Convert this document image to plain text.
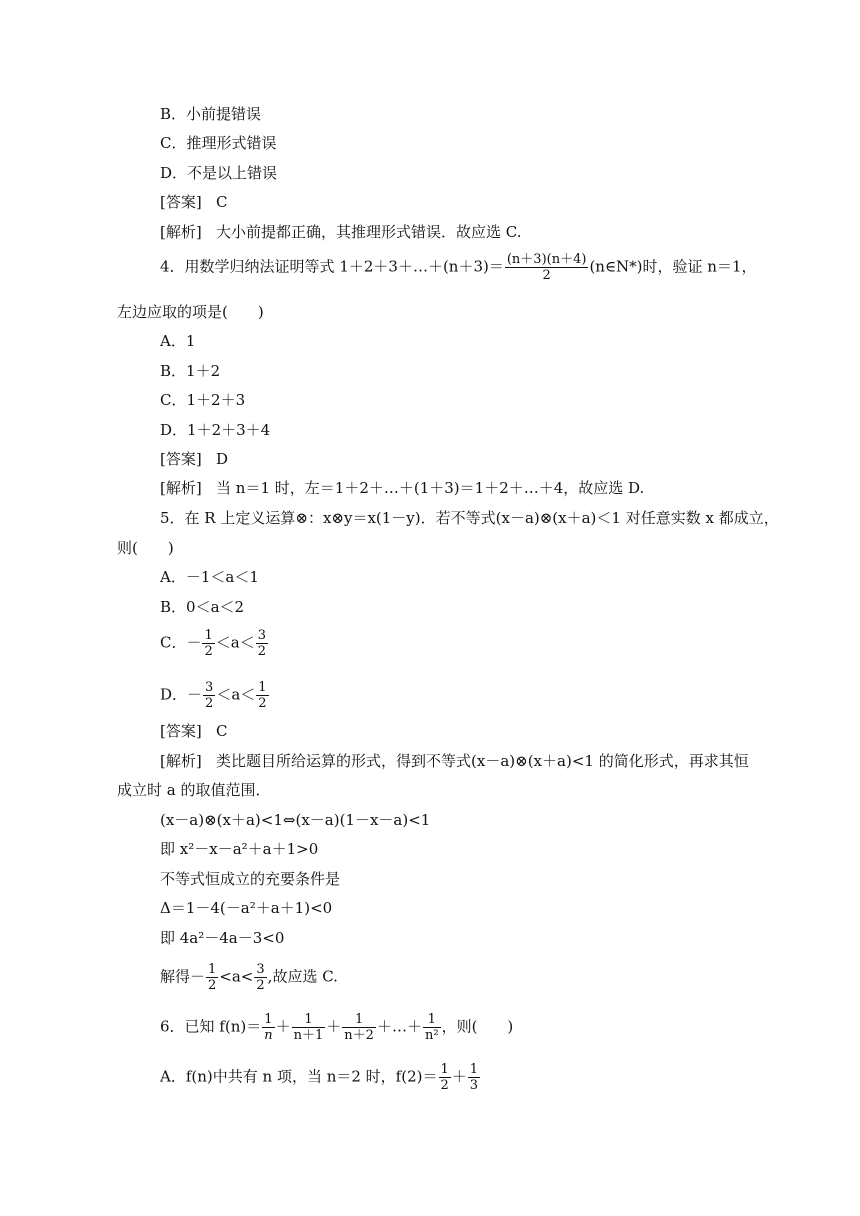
B．小前提错误
C．推理形式错误
D．不是以上错误
[答案] C
[解析] 大小前提都正确，其推理形式错误．故应选 C.
4．用数学归纳法证明等式 1＋2＋3＋…＋(n＋3)＝ $\frac{(n+3)(n+4)}{2}$ (n∈N*)时，验证 n＝1，
左边应取的项是(　　)
A．1
B．1＋2
C．1＋2＋3
D．1＋2＋3＋4
[答案] D
[解析] 当 n＝1 时，左＝1＋2＋…＋(1＋3)＝1＋2＋…＋4，故应选 D.
5．在 R 上定义运算⊗：x⊗y＝x(1－y)．若不等式(x－a)⊗(x＋a)＜1 对任意实数 x 都成立，
则(　　)
A．－1＜a＜1
B．0＜a＜2
C．－ $\frac{1}{2} <a< \frac{3}{2}$
D．－ $\frac{3}{2} <a< \frac{1}{2}$
[答案] C
[解析] 类比题目所给运算的形式，得到不等式(x－a)⊗(x＋a)<1 的简化形式，再求其恒
成立时 a 的取值范围．
(x－a)⊗(x＋a)<1⇔(x－a)(1－x－a)<1
即 x²－x－a²＋a＋1>0
不等式恒成立的充要条件是
Δ＝1－4(－a²＋a＋1)<0
即 4a²－4a－3<0
解得－ $\frac{1}{2} <a< \frac{3}{2}$ ,故应选 C.
6．已知 $f(n)= \frac{1}{n} + \frac{1}{n+1} + \frac{1}{n+2}$ ＋…＋ $\frac{1}{\text{n²}}$ ，则(　　)
A．f(n)中共有 n 项，当 n＝2 时，$f(2)= \frac{1}{2} + \frac{1}{3}$
